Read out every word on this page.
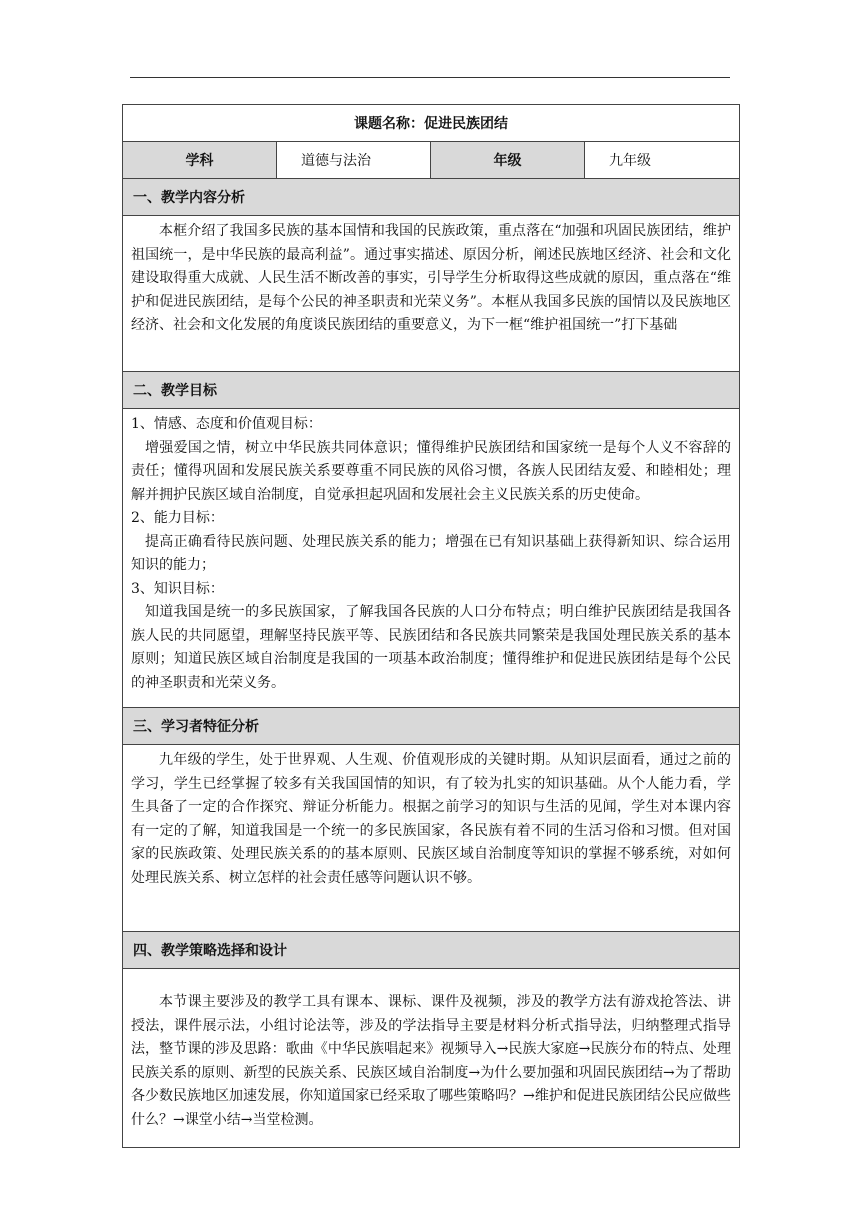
课题名称：促进民族团结
学科	道德与法治	年级	九年级
一、教学内容分析

本框介绍了我国多民族的基本国情和我国的民族政策，重点落在“加强和巩固民族团结，维护祖国统一，是中华民族的最高利益”。通过事实描述、原因分析，阐述民族地区经济、社会和文化建设取得重大成就、人民生活不断改善的事实，引导学生分析取得这些成就的原因，重点落在“维护和促进民族团结，是每个公民的神圣职责和光荣义务”。本框从我国多民族的国情以及民族地区经济、社会和文化发展的角度谈民族团结的重要意义，为下一框“维护祖国统一”打下基础

二、教学目标

1、情感、态度和价值观目标：

增强爱国之情，树立中华民族共同体意识；懂得维护民族团结和国家统一是每个人义不容辞的责任；懂得巩固和发展民族关系要尊重不同民族的风俗习惯，各族人民团结友爱、和睦相处；理解并拥护民族区域自治制度，自觉承担起巩固和发展社会主义民族关系的历史使命。

2、能力目标：

提高正确看待民族问题、处理民族关系的能力；增强在已有知识基础上获得新知识、综合运用知识的能力；

3、知识目标：

知道我国是统一的多民族国家，了解我国各民族的人口分布特点；明白维护民族团结是我国各族人民的共同愿望，理解坚持民族平等、民族团结和各民族共同繁荣是我国处理民族关系的基本原则；知道民族区域自治制度是我国的一项基本政治制度；懂得维护和促进民族团结是每个公民的神圣职责和光荣义务。

三、学习者特征分析

九年级的学生，处于世界观、人生观、价值观形成的关键时期。从知识层面看，通过之前的学习，学生已经掌握了较多有关我国国情的知识，有了较为扎实的知识基础。从个人能力看，学生具备了一定的合作探究、辩证分析能力。根据之前学习的知识与生活的见闻，学生对本课内容有一定的了解，知道我国是一个统一的多民族国家，各民族有着不同的生活习俗和习惯。但对国家的民族政策、处理民族关系的的基本原则、民族区域自治制度等知识的掌握不够系统，对如何处理民族关系、树立怎样的社会责任感等问题认识不够。

四、教学策略选择和设计

本节课主要涉及的教学工具有课本、课标、课件及视频，涉及的教学方法有游戏抢答法、讲授法，课件展示法，小组讨论法等，涉及的学法指导主要是材料分析式指导法，归纳整理式指导法，整节课的涉及思路：歌曲《中华民族唱起来》视频导入→民族大家庭→民族分布的特点、处理民族关系的原则、新型的民族关系、民族区域自治制度→为什么要加强和巩固民族团结→为了帮助各少数民族地区加速发展，你知道国家已经采取了哪些策略吗？→维护和促进民族团结公民应做些什么？→课堂小结→当堂检测。
